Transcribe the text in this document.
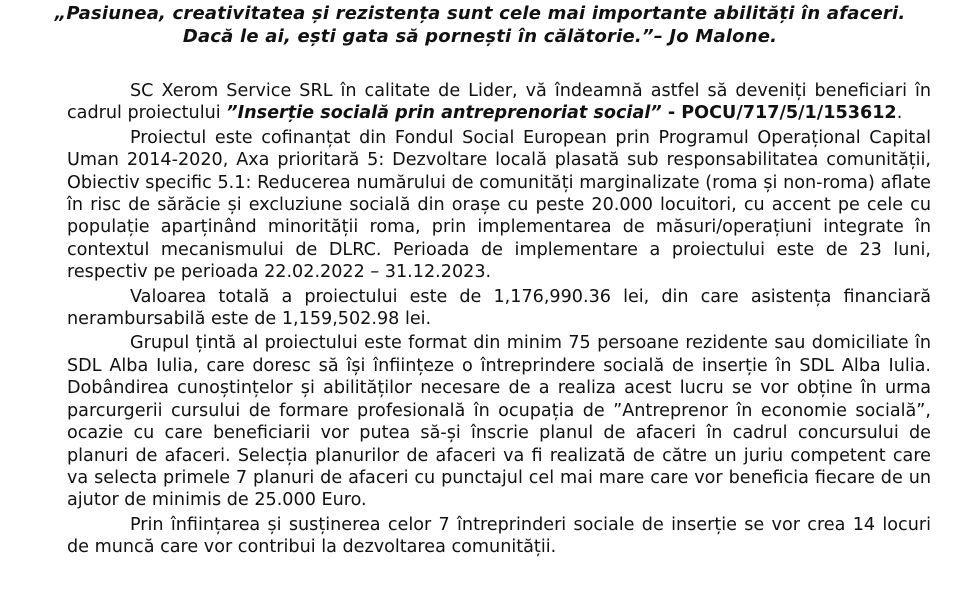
„Pasiunea, creativitatea și rezistența sunt cele mai importante abilități în afaceri. Dacă le ai, ești gata să pornești în călătorie.”– Jo Malone.

SC Xerom Service SRL în calitate de Lider, vă îndeamnă astfel să deveniți beneficiari în cadrul proiectului ”Inserție socială prin antreprenoriat social” - POCU/717/5/1/153612.

Proiectul este cofinanțat din Fondul Social European prin Programul Operațional Capital Uman 2014-2020, Axa prioritară 5: Dezvoltare locală plasată sub responsabilitatea comunității, Obiectiv specific 5.1: Reducerea numărului de comunități marginalizate (roma și non-roma) aflate în risc de sărăcie și excluziune socială din orașe cu peste 20.000 locuitori, cu accent pe cele cu populație aparținând minorității roma, prin implementarea de măsuri/operațiuni integrate în contextul mecanismului de DLRC. Perioada de implementare a proiectului este de 23 luni, respectiv pe perioada 22.02.2022 – 31.12.2023.

Valoarea totală a proiectului este de 1,176,990.36 lei, din care asistența financiară nerambursabilă este de 1,159,502.98 lei.

Grupul țintă al proiectului este format din minim 75 persoane rezidente sau domiciliate în SDL Alba Iulia, care doresc să își înființeze o întreprindere socială de inserție în SDL Alba Iulia. Dobândirea cunoștințelor și abilităților necesare de a realiza acest lucru se vor obține în urma parcurgerii cursului de formare profesională în ocupația de ”Antreprenor în economie socială”, ocazie cu care beneficiarii vor putea să-și înscrie planul de afaceri în cadrul concursului de planuri de afaceri. Selecția planurilor de afaceri va fi realizată de către un juriu competent care va selecta primele 7 planuri de afaceri cu punctajul cel mai mare care vor beneficia fiecare de un ajutor de minimis de 25.000 Euro.

Prin înființarea și susținerea celor 7 întreprinderi sociale de inserție se vor crea 14 locuri de muncă care vor contribui la dezvoltarea comunității.
